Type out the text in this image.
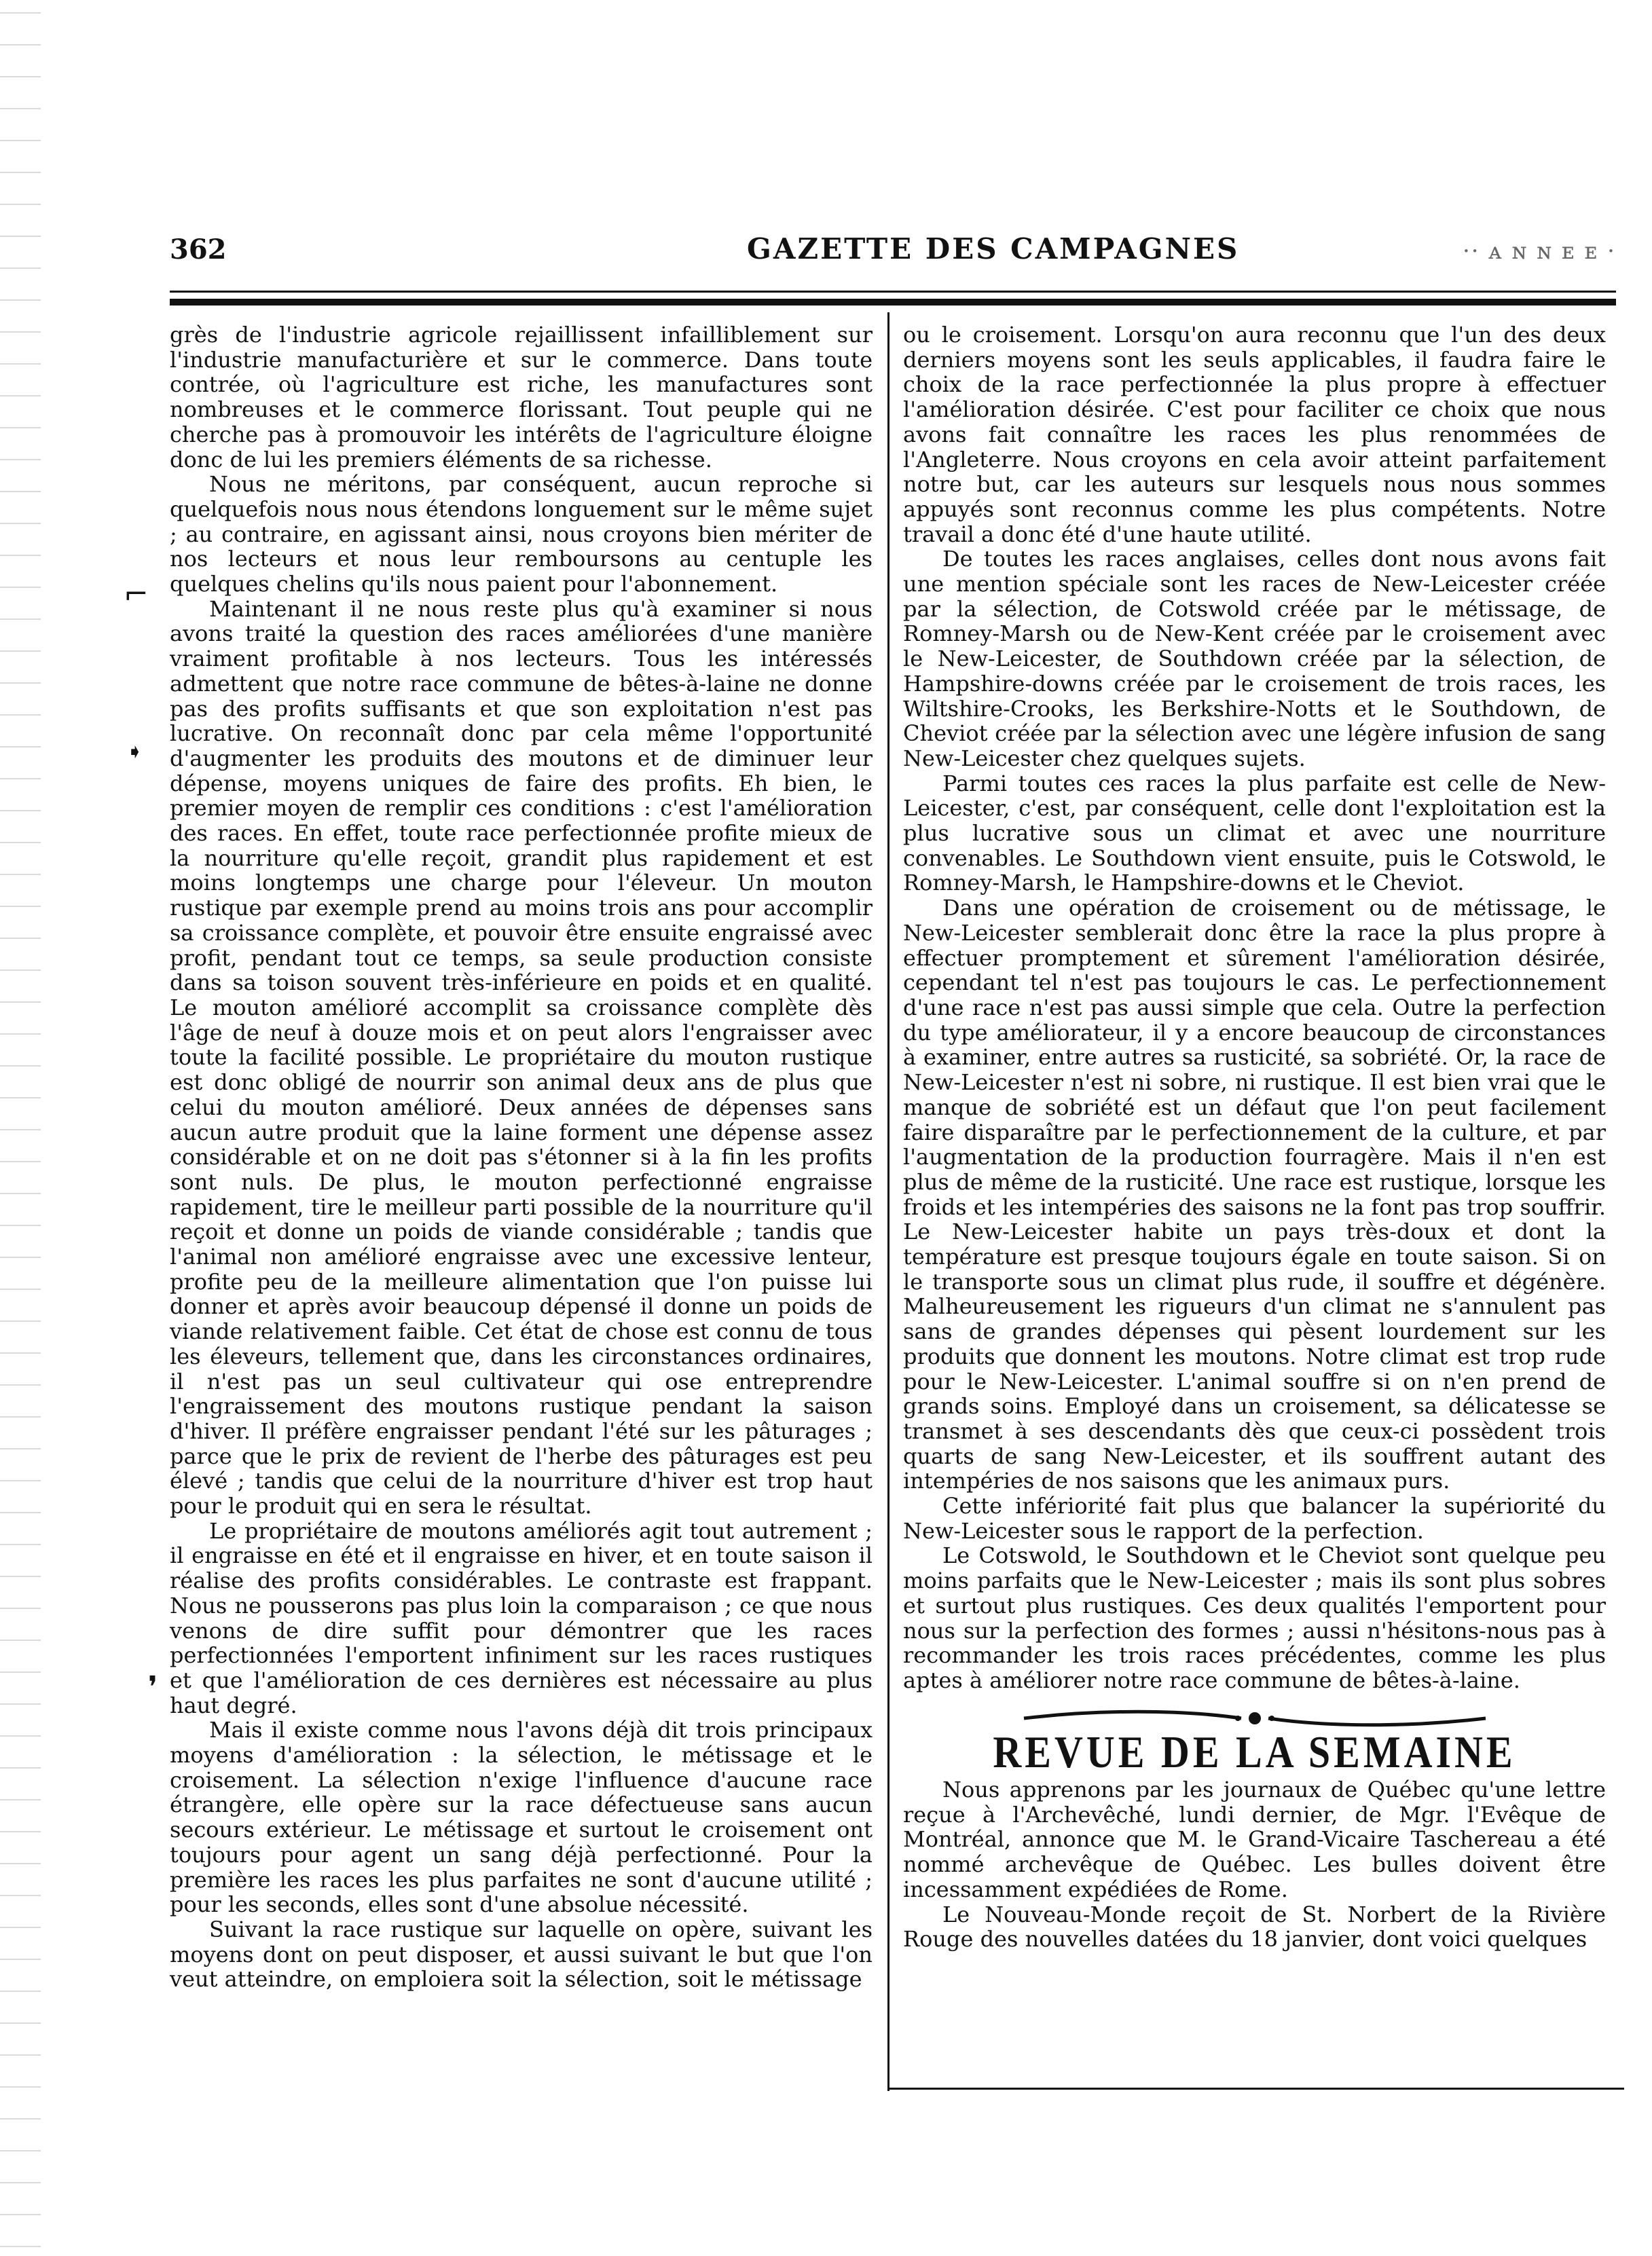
362	GAZETTE DES CAMPAGNES	·· ᴀ ɴ ɴ ᴇ ᴇ ·
⌐
➧
❜

grès de l'industrie agricole rejaillissent infailliblement sur l'industrie manufacturière et sur le commerce. Dans toute contrée, où l'agriculture est riche, les manufactures sont nombreuses et le commerce florissant. Tout peuple qui ne cherche pas à promouvoir les intérêts de l'agriculture éloigne donc de lui les premiers éléments de sa richesse.

Nous ne méritons, par conséquent, aucun reproche si quelquefois nous nous étendons longuement sur le même sujet ; au contraire, en agissant ainsi, nous croyons bien mériter de nos lecteurs et nous leur remboursons au centuple les quelques chelins qu'ils nous paient pour l'abonnement.

Maintenant il ne nous reste plus qu'à examiner si nous avons traité la question des races améliorées d'une manière vraiment profitable à nos lecteurs. Tous les intéressés admettent que notre race commune de bêtes-à-laine ne donne pas des profits suffisants et que son exploitation n'est pas lucrative. On reconnaît donc par cela même l'opportunité d'augmenter les produits des moutons et de diminuer leur dépense, moyens uniques de faire des profits. Eh bien, le premier moyen de remplir ces conditions : c'est l'amélioration des races. En effet, toute race perfectionnée profite mieux de la nourriture qu'elle reçoit, grandit plus rapidement et est moins longtemps une charge pour l'éleveur. Un mouton rustique par exemple prend au moins trois ans pour accomplir sa croissance complète, et pouvoir être ensuite engraissé avec profit, pendant tout ce temps, sa seule production consiste dans sa toison souvent très-inférieure en poids et en qualité. Le mouton amélioré accomplit sa croissance complète dès l'âge de neuf à douze mois et on peut alors l'engraisser avec toute la facilité possible. Le propriétaire du mouton rustique est donc obligé de nourrir son animal deux ans de plus que celui du mouton amélioré. Deux années de dépenses sans aucun autre produit que la laine forment une dépense assez considérable et on ne doit pas s'étonner si à la fin les profits sont nuls. De plus, le mouton perfectionné engraisse rapidement, tire le meilleur parti possible de la nourriture qu'il reçoit et donne un poids de viande considérable ; tandis que l'animal non amélioré engraisse avec une excessive lenteur, profite peu de la meilleure alimentation que l'on puisse lui donner et après avoir beaucoup dépensé il donne un poids de viande relativement faible. Cet état de chose est connu de tous les éleveurs, tellement que, dans les circonstances ordinaires, il n'est pas un seul cultivateur qui ose entreprendre l'engraissement des moutons rustique pendant la saison d'hiver. Il préfère engraisser pendant l'été sur les pâturages ; parce que le prix de revient de l'herbe des pâturages est peu élevé ; tandis que celui de la nourriture d'hiver est trop haut pour le produit qui en sera le résultat.

Le propriétaire de moutons améliorés agit tout autrement ; il engraisse en été et il engraisse en hiver, et en toute saison il réalise des profits considérables. Le contraste est frappant. Nous ne pousserons pas plus loin la comparaison ; ce que nous venons de dire suffit pour démontrer que les races perfectionnées l'emportent infiniment sur les races rustiques et que l'amélioration de ces dernières est nécessaire au plus haut degré.

Mais il existe comme nous l'avons déjà dit trois principaux moyens d'amélioration : la sélection, le métissage et le croisement. La sélection n'exige l'influence d'aucune race étrangère, elle opère sur la race défectueuse sans aucun secours extérieur. Le métissage et surtout le croisement ont toujours pour agent un sang déjà perfectionné. Pour la première les races les plus parfaites ne sont d'aucune utilité ; pour les seconds, elles sont d'une absolue nécessité.

Suivant la race rustique sur laquelle on opère, suivant les moyens dont on peut disposer, et aussi suivant le but que l'on veut atteindre, on emploiera soit la sélection, soit le métissage

ou le croisement. Lorsqu'on aura reconnu que l'un des deux derniers moyens sont les seuls applicables, il faudra faire le choix de la race perfectionnée la plus propre à effectuer l'amélioration désirée. C'est pour faciliter ce choix que nous avons fait connaître les races les plus renommées de l'Angleterre. Nous croyons en cela avoir atteint parfaitement notre but, car les auteurs sur lesquels nous nous sommes appuyés sont reconnus comme les plus compétents. Notre travail a donc été d'une haute utilité.

De toutes les races anglaises, celles dont nous avons fait une mention spéciale sont les races de New-Leicester créée par la sélection, de Cotswold créée par le métissage, de Romney-Marsh ou de New-Kent créée par le croisement avec le New-Leicester, de Southdown créée par la sélection, de Hampshire-downs créée par le croisement de trois races, les Wiltshire-Crooks, les Berkshire-Notts et le Southdown, de Cheviot créée par la sélection avec une légère infusion de sang New-Leicester chez quelques sujets.

Parmi toutes ces races la plus parfaite est celle de New-Leicester, c'est, par conséquent, celle dont l'exploitation est la plus lucrative sous un climat et avec une nourriture convenables. Le Southdown vient ensuite, puis le Cotswold, le Romney-Marsh, le Hampshire-downs et le Cheviot.

Dans une opération de croisement ou de métissage, le New-Leicester semblerait donc être la race la plus propre à effectuer promptement et sûrement l'amélioration désirée, cependant tel n'est pas toujours le cas. Le perfectionnement d'une race n'est pas aussi simple que cela. Outre la perfection du type améliorateur, il y a encore beaucoup de circonstances à examiner, entre autres sa rusticité, sa sobriété. Or, la race de New-Leicester n'est ni sobre, ni rustique. Il est bien vrai que le manque de sobriété est un défaut que l'on peut facilement faire disparaître par le perfectionnement de la culture, et par l'augmentation de la production fourragère. Mais il n'en est plus de même de la rusticité. Une race est rustique, lorsque les froids et les intempéries des saisons ne la font pas trop souffrir. Le New-Leicester habite un pays très-doux et dont la température est presque toujours égale en toute saison. Si on le transporte sous un climat plus rude, il souffre et dégénère. Malheureusement les rigueurs d'un climat ne s'annulent pas sans de grandes dépenses qui pèsent lourdement sur les produits que donnent les moutons. Notre climat est trop rude pour le New-Leicester. L'animal souffre si on n'en prend de grands soins. Employé dans un croisement, sa délicatesse se transmet à ses descendants dès que ceux-ci possèdent trois quarts de sang New-Leicester, et ils souffrent autant des intempéries de nos saisons que les animaux purs.

Cette infériorité fait plus que balancer la supériorité du New-Leicester sous le rapport de la perfection.

Le Cotswold, le Southdown et le Cheviot sont quelque peu moins parfaits que le New-Leicester ; mais ils sont plus sobres et surtout plus rustiques. Ces deux qualités l'emportent pour nous sur la perfection des formes ; aussi n'hésitons-nous pas à recommander les trois races précédentes, comme les plus aptes à améliorer notre race commune de bêtes-à-laine.

REVUE DE LA SEMAINE

Nous apprenons par les journaux de Québec qu'une lettre reçue à l'Archevêché, lundi dernier, de Mgr. l'Evêque de Montréal, annonce que M. le Grand-Vicaire Taschereau a été nommé archevêque de Québec. Les bulles doivent être incessamment expédiées de Rome.

Le Nouveau-Monde reçoit de St. Norbert de la Rivière Rouge des nouvelles datées du 18 janvier, dont voici quelques
